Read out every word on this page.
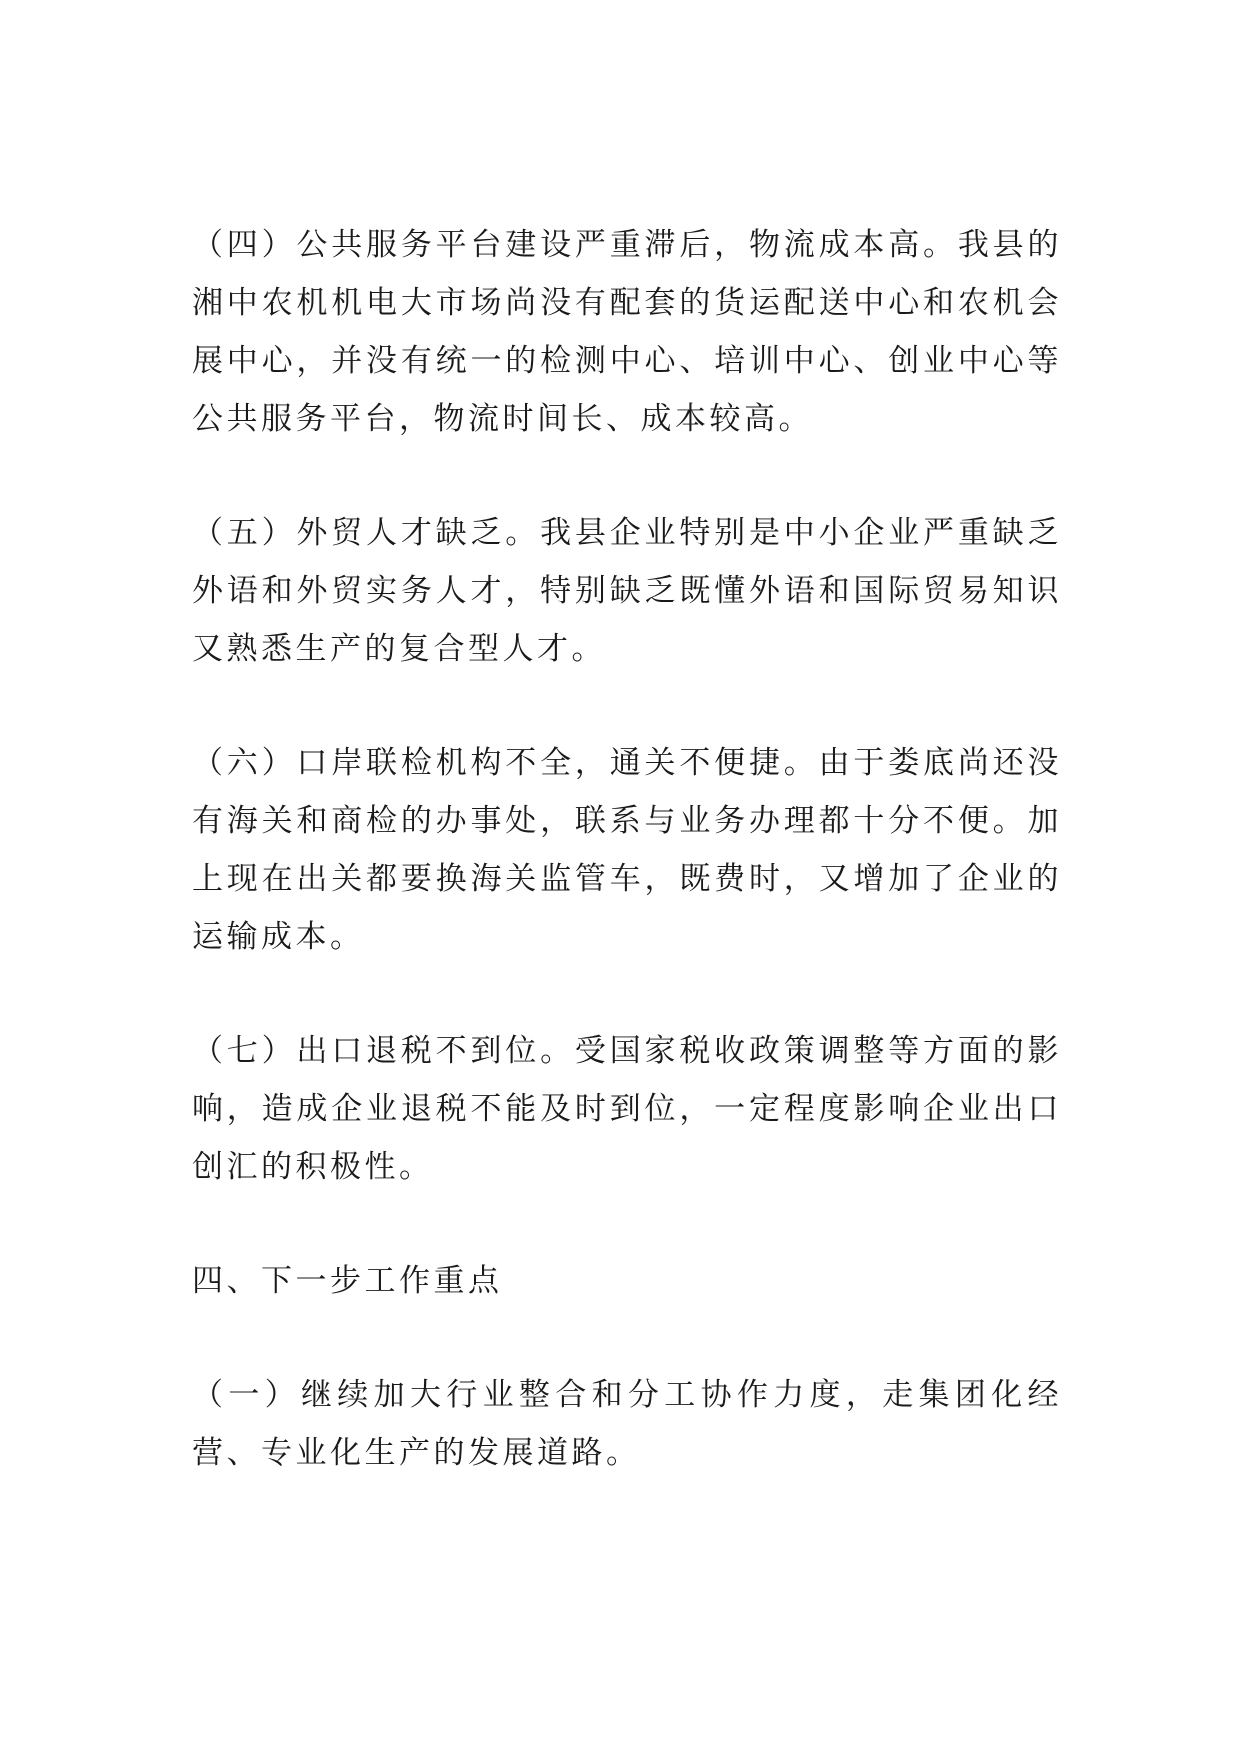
（四）公共服务平台建设严重滞后，物流成本高。我县的湘中农机机电大市场尚没有配套的货运配送中心和农机会展中心，并没有统一的检测中心、培训中心、创业中心等公共服务平台，物流时间长、成本较高。

（五）外贸人才缺乏。我县企业特别是中小企业严重缺乏外语和外贸实务人才，特别缺乏既懂外语和国际贸易知识又熟悉生产的复合型人才。

（六）口岸联检机构不全，通关不便捷。由于娄底尚还没有海关和商检的办事处，联系与业务办理都十分不便。加上现在出关都要换海关监管车，既费时，又增加了企业的运输成本。

（七）出口退税不到位。受国家税收政策调整等方面的影响，造成企业退税不能及时到位，一定程度影响企业出口创汇的积极性。

四、下一步工作重点

（一）继续加大行业整合和分工协作力度，走集团化经营、专业化生产的发展道路。
